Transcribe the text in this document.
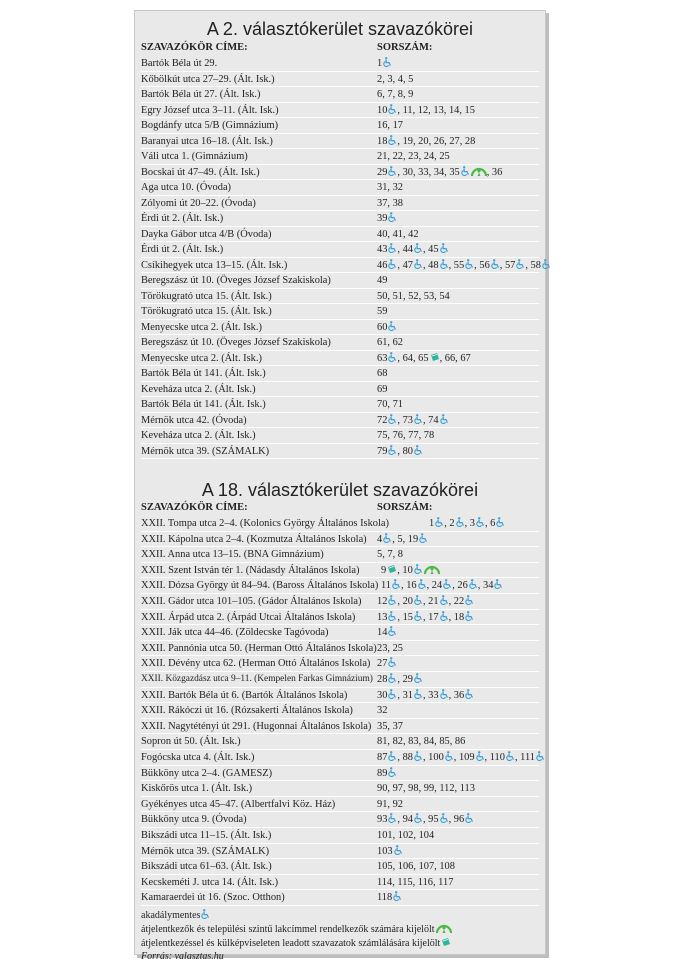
A 2. választókerület szavazókörei
SZAVAZÓKÖR CÍME:	SORSZÁM:
Bartók Béla út 29.	1
Kőbölkút utca 27–29. (Ált. Isk.)	2, 3, 4, 5
Bartók Béla út 27. (Ált. Isk.)	6, 7, 8, 9
Egry József utca 3–11. (Ált. Isk.)	10 , 11, 12, 13, 14, 15
Bogdánfy utca 5/B (Gimnázium)	16, 17
Baranyai utca 16–18. (Ált. Isk.)	18 , 19, 20, 26, 27, 28
Váli utca 1. (Gimnázium)	21, 22, 23, 24, 25
Bocskai út 47–49. (Ált. Isk.)	29 , 30, 33, 34, 35	, 36
Aga utca 10. (Óvoda)	31, 32
Zólyomi út 20–22. (Óvoda)	37, 38
Érdi út 2. (Ált. Isk.)	39
Dayka Gábor utca 4/B (Óvoda)	40, 41, 42
Érdi út 2. (Ált. Isk.)	43 , 44 , 45
Csíkihegyek utca 13–15. (Ált. Isk.)	46 , 47 , 48 , 55 , 56 , 57 , 58
Beregszász út 10. (Öveges József Szakiskola)	49
Törökugrató utca 15. (Ált. Isk.)	50, 51, 52, 53, 54
Törökugrató utca 15. (Ált. Isk.)	59
Menyecske utca 2. (Ált. Isk.)	60
Beregszász út 10. (Öveges József Szakiskola)	61, 62
Menyecske utca 2. (Ált. Isk.)	63 , 64, 65 , 66, 67
Bartók Béla út 141. (Ált. Isk.)	68
Keveháza utca 2. (Ált. Isk.)	69
Bartók Béla út 141. (Ált. Isk.)	70, 71
Mérnök utca 42. (Óvoda)	72 , 73 , 74
Keveháza utca 2. (Ált. Isk.)	75, 76, 77, 78
Mérnök utca 39. (SZÁMALK)	79 , 80
A 18. választókerület szavazókörei
SZAVAZÓKÖR CÍME:	SORSZÁM:
XXII. Tompa utca 2–4. (Kolonics György Általános Iskola)	1 , 2 , 3 , 6
XXII. Kápolna utca 2–4. (Kozmutza Általános Iskola) 4 , 5, 19
XXII. Anna utca 13–15. (BNA Gimnázium)	5, 7, 8
XXII. Szent István tér 1. (Nádasdy Általános Iskola) 9 , 10
XXII. Dózsa György út 84–94. (Baross Általános Iskola) 11 , 16 , 24 , 26 , 34
XXII. Gádor utca 101–105. (Gádor Általános Iskola) 12 , 20 , 21 , 22
XXII. Árpád utca 2. (Árpád Utcai Általános Iskola) 13 , 15 , 17 , 18
XXII. Ják utca 44–46. (Zöldecske Tagóvoda)	14
XXII. Pannónia utca 50. (Herman Ottó Általános Iskola) 23, 25
XXII. Dévény utca 62. (Herman Ottó Általános Iskola) 27
XXII. Közgazdász utca 9–11. (Kempelen Farkas Gimnázium) 28 , 29
XXII. Bartók Béla út 6. (Bartók Általános Iskola)	30 , 31 , 33 , 36
XXII. Rákóczi út 16. (Rózsakerti Általános Iskola) 32
XXII. Nagytétényi út 291. (Hugonnai Általános Iskola) 35, 37
Sopron út 50. (Ált. Isk.)	81, 82, 83, 84, 85, 86
Fogócska utca 4. (Ált. Isk.)	87 , 88 , 100 , 109 , 110 , 111
Bükköny utca 2–4. (GAMESZ)	89
Kiskőrös utca 1. (Ált. Isk.)	90, 97, 98, 99, 112, 113
Gyékényes utca 45–47. (Albertfalvi Köz. Ház)	91, 92
Bükköny utca 9. (Óvoda)	93 , 94 , 95 , 96
Bikszádi utca 11–15. (Ált. Isk.)	101, 102, 104
Mérnök utca 39. (SZÁMALK)	103
Bikszádi utca 61–63. (Ált. Isk.)	105, 106, 107, 108
Kecskeméti J. utca 14. (Ált. Isk.)	114, 115, 116, 117
Kamaraerdei út 16. (Szoc. Otthon)	118
akadálymentes
átjelentkezők és települési szintű lakcímmel rendelkezők számára kijelölt
átjelentkezéssel és külképviseleten leadott szavazatok számlálására kijelölt
Forrás: valasztas.hu
